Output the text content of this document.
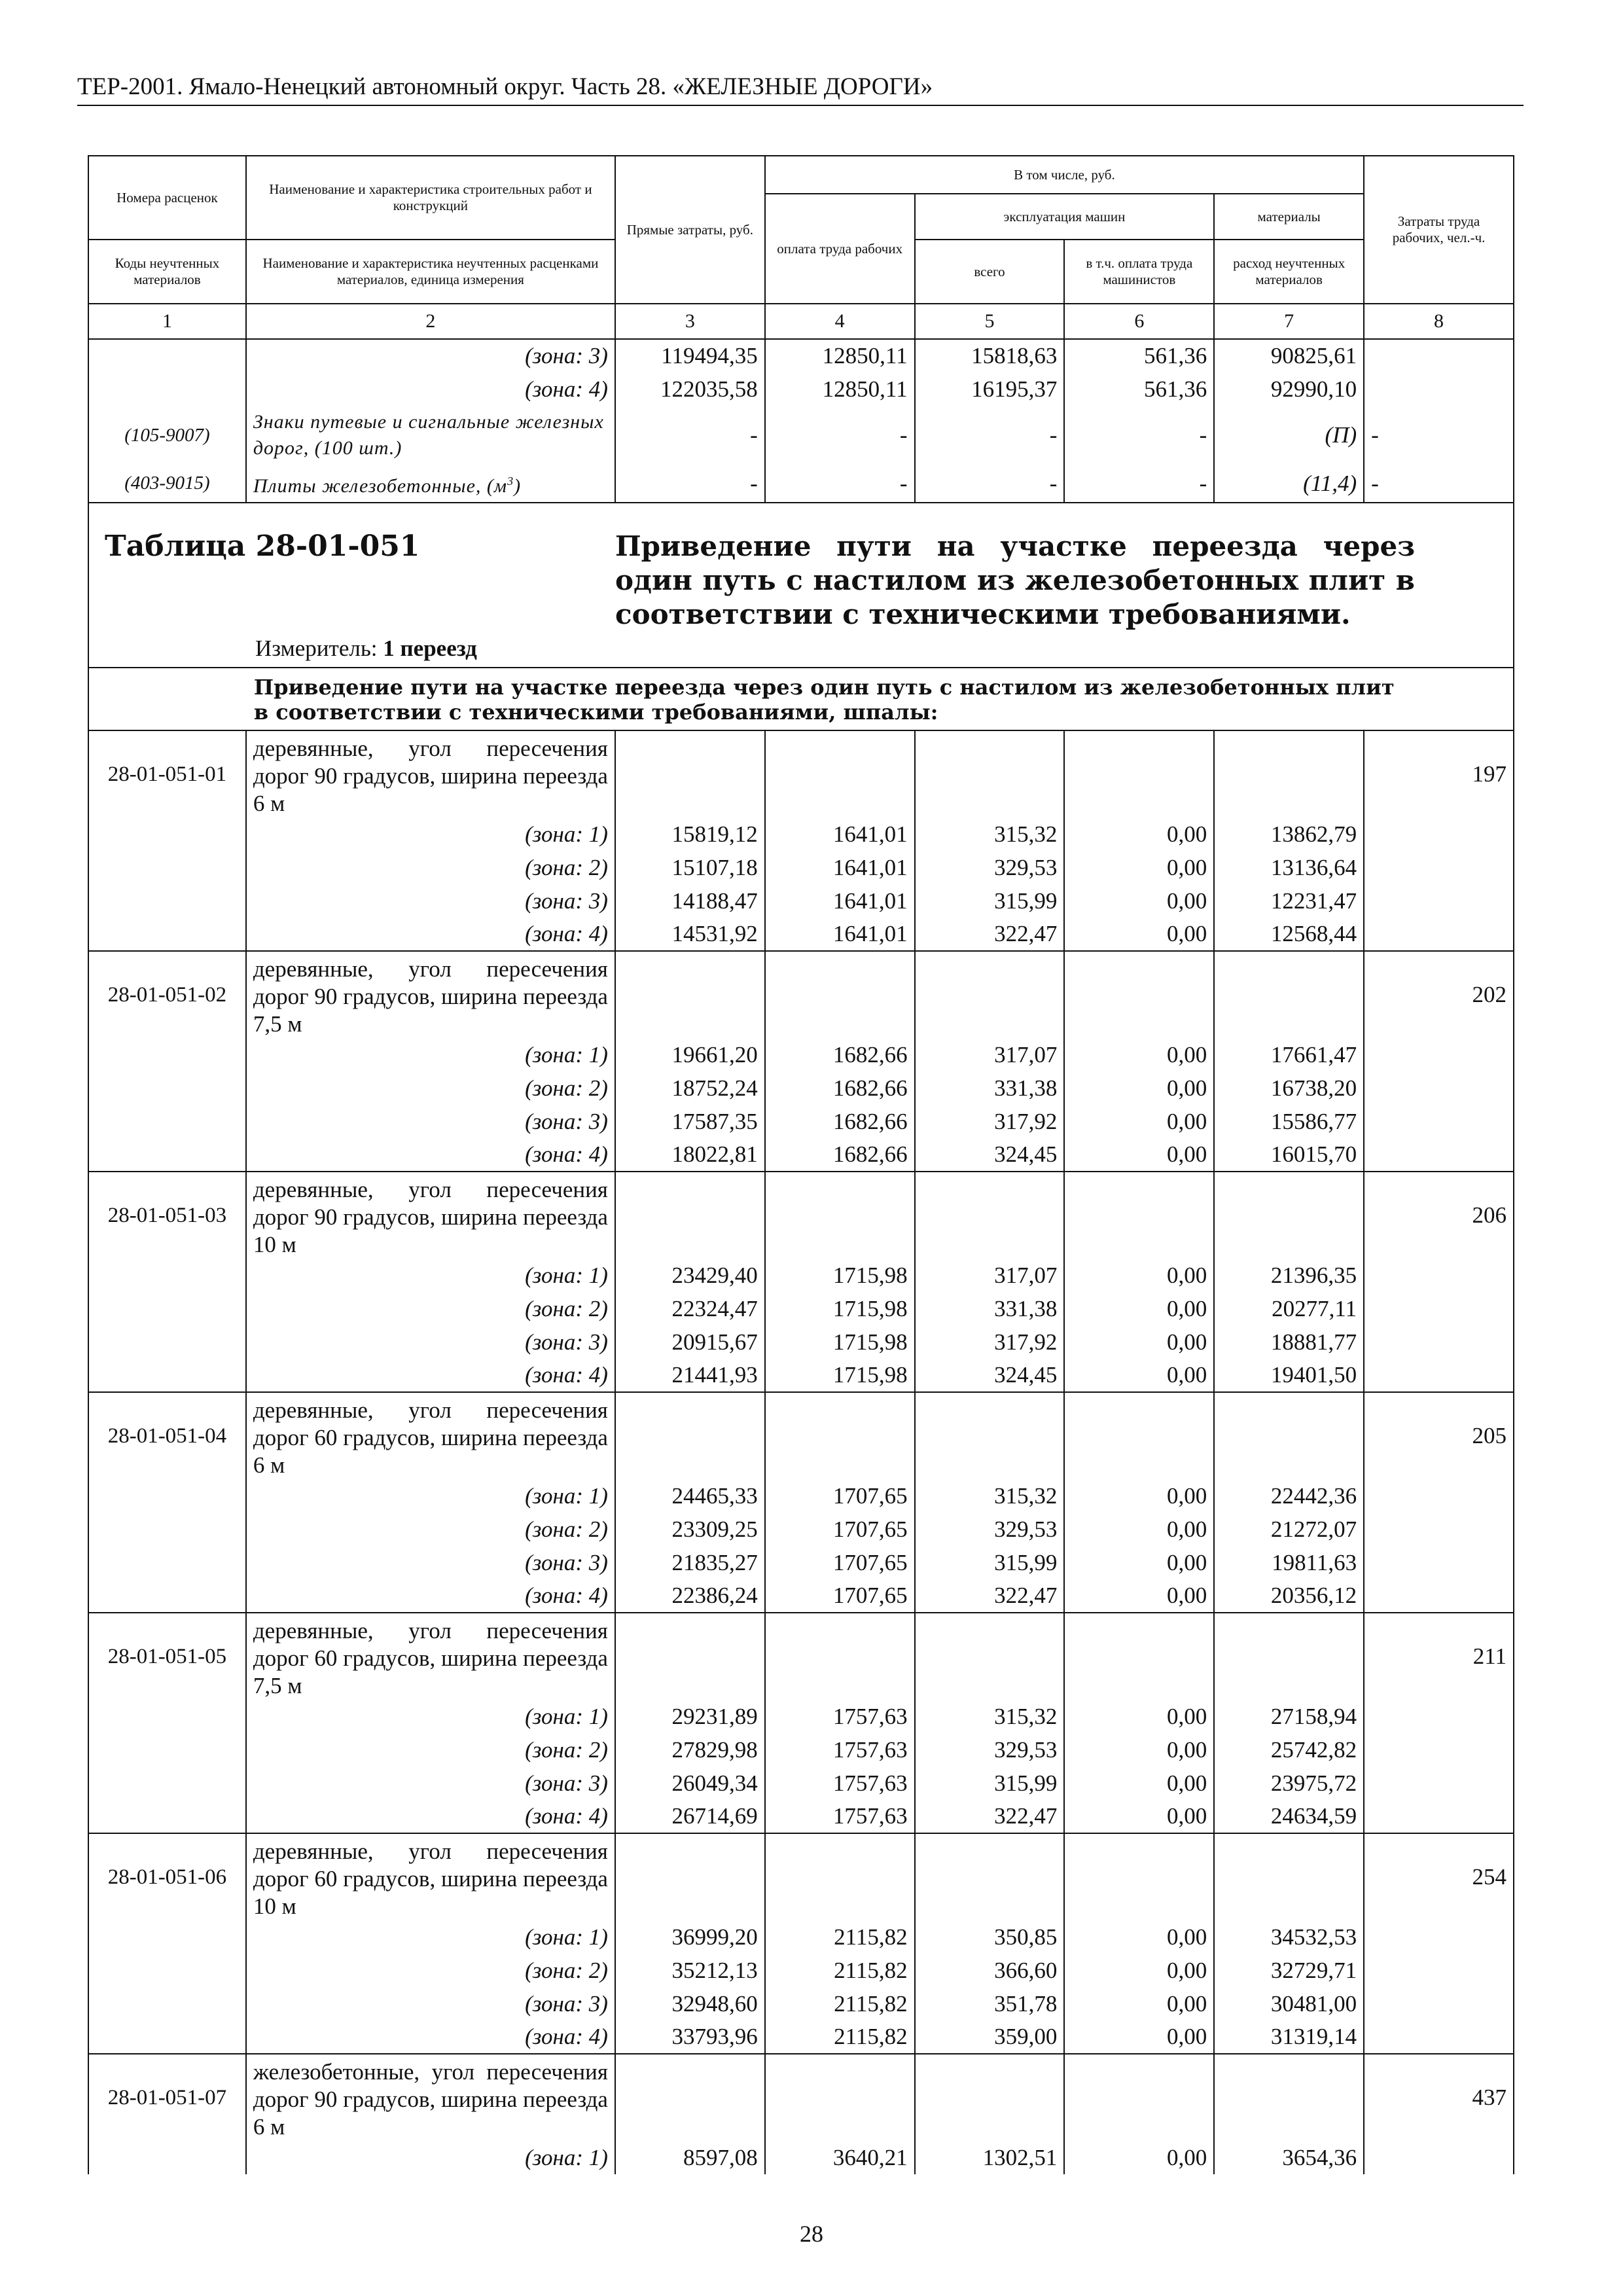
ТЕР-2001. Ямало-Ненецкий автономный округ. Часть 28. «ЖЕЛЕЗНЫЕ ДОРОГИ»
Номера расценок	Наименование и характеристика строительных работ и конструкций	Прямые затраты, руб.	В том числе, руб.				Затраты труда рабочих, чел.-ч.
			оплата труда рабочих	эксплуатация машин		материалы	
Коды неучтенных материалов	Наименование и характеристика неучтенных расценками материалов, единица измерения			всего	в т.ч. оплата труда машинистов	расход неучтенных материалов	
1	2	3	4	5	6	7	8
	(зона: 3)	119494,35	12850,11	15818,63	561,36	90825,61	
	(зона: 4)	122035,58	12850,11	16195,37	561,36	92990,10	
(105-9007)	Знаки путевые и сигнальные железных дорог, (100 шт.)	-	-	-	-	(П)	-
(403-9015)	Плиты железобетонные, $(м^3)$	-	-	-	-	(11,4)	-

Таблица 28-01-051 Приведение пути на участке переезда через один путь с настилом из железобетонных плит в соответствии с техническими требованиями.
Измеритель: 1 переезд							

	Приведение пути на участке переезда через один путь с настилом из железобетонных плит в соответствии с техническими требованиями, шпалы:						

28-01-051-01	деревянные, угол пересечения дорог 90 градусов, ширина переезда 6 м						197
	(зона: 1)	15819,12	1641,01	315,32	0,00	13862,79	
	(зона: 2)	15107,18	1641,01	329,53	0,00	13136,64	
	(зона: 3)	14188,47	1641,01	315,99	0,00	12231,47	
	(зона: 4)	14531,92	1641,01	322,47	0,00	12568,44	
28-01-051-02	деревянные, угол пересечения дорог 90 градусов, ширина переезда 7,5 м						202
	(зона: 1)	19661,20	1682,66	317,07	0,00	17661,47	
	(зона: 2)	18752,24	1682,66	331,38	0,00	16738,20	
	(зона: 3)	17587,35	1682,66	317,92	0,00	15586,77	
	(зона: 4)	18022,81	1682,66	324,45	0,00	16015,70	
28-01-051-03	деревянные, угол пересечения дорог 90 градусов, ширина переезда 10 м						206
	(зона: 1)	23429,40	1715,98	317,07	0,00	21396,35	
	(зона: 2)	22324,47	1715,98	331,38	0,00	20277,11	
	(зона: 3)	20915,67	1715,98	317,92	0,00	18881,77	
	(зона: 4)	21441,93	1715,98	324,45	0,00	19401,50	
28-01-051-04	деревянные, угол пересечения дорог 60 градусов, ширина переезда 6 м						205
	(зона: 1)	24465,33	1707,65	315,32	0,00	22442,36	
	(зона: 2)	23309,25	1707,65	329,53	0,00	21272,07	
	(зона: 3)	21835,27	1707,65	315,99	0,00	19811,63	
	(зона: 4)	22386,24	1707,65	322,47	0,00	20356,12	
28-01-051-05	деревянные, угол пересечения дорог 60 градусов, ширина переезда 7,5 м						211
	(зона: 1)	29231,89	1757,63	315,32	0,00	27158,94	
	(зона: 2)	27829,98	1757,63	329,53	0,00	25742,82	
	(зона: 3)	26049,34	1757,63	315,99	0,00	23975,72	
	(зона: 4)	26714,69	1757,63	322,47	0,00	24634,59	
28-01-051-06	деревянные, угол пересечения дорог 60 градусов, ширина переезда 10 м						254
	(зона: 1)	36999,20	2115,82	350,85	0,00	34532,53	
	(зона: 2)	35212,13	2115,82	366,60	0,00	32729,71	
	(зона: 3)	32948,60	2115,82	351,78	0,00	30481,00	
	(зона: 4)	33793,96	2115,82	359,00	0,00	31319,14	
28-01-051-07	железобетонные, угол пересечения дорог 90 градусов, ширина переезда 6 м						437
	(зона: 1)	8597,08	3640,21	1302,51	0,00	3654,36	
28
